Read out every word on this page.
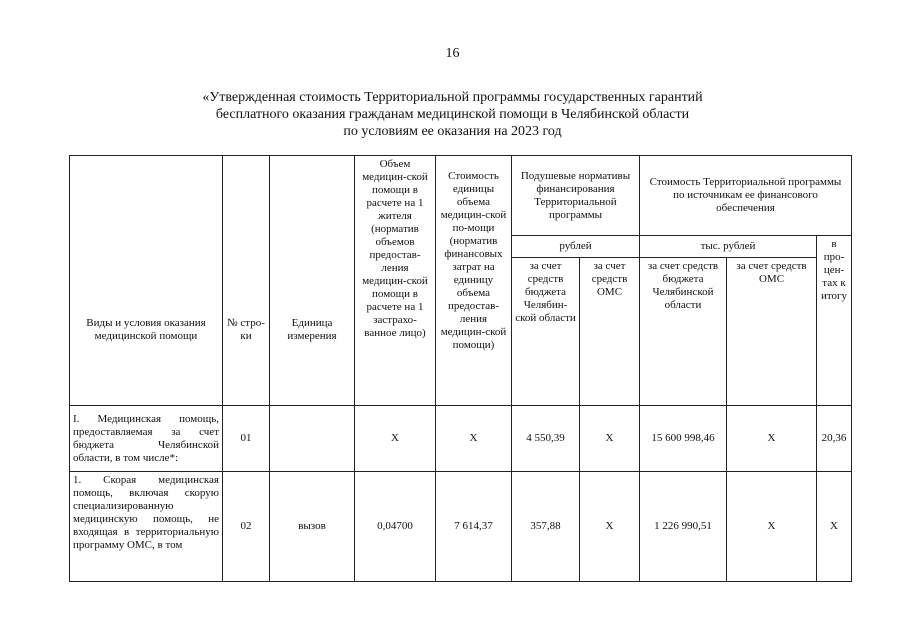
16
«Утвержденная стоимость Территориальной программы государственных гарантий
бесплатного оказания гражданам медицинской помощи в Челябинской области
по условиям ее оказания на 2023 год
Виды и условия оказания медицинской помощи	№ стро-ки	Единица измерения	Объем медицин-ской помощи в расчете на 1 жителя (норматив объемов предостав-ления медицин-ской помощи в расчете на 1 застрахо-ванное лицо)	Стоимость единицы объема медицин-ской по-мощи (норматив финансовых затрат на единицу объема предостав-ления медицин-ской помощи)	Подушевые нормативы финансирования Территориальной программы		Стоимость Территориальной программы по источникам ее финансового обеспечения		
					рублей		тыс. рублей		в про-цен-тах к итогу
					за счет средств бюджета Челябин-ской области	за счет средств ОМС	за счет средств бюджета Челябинской области	за счет средств ОМС	
I. Медицинская помощь, предоставляемая за счет бюджета Челябинской области, в том числе*:	01		Х	Х	4 550,39	Х	15 600 998,46	Х	20,36
1. Скорая медицинская помощь, включая скорую специализированную медицинскую помощь, не входящая в территориальную программу ОМС, в том	02	вызов	0,04700	7 614,37	357,88	Х	1 226 990,51	Х	Х
